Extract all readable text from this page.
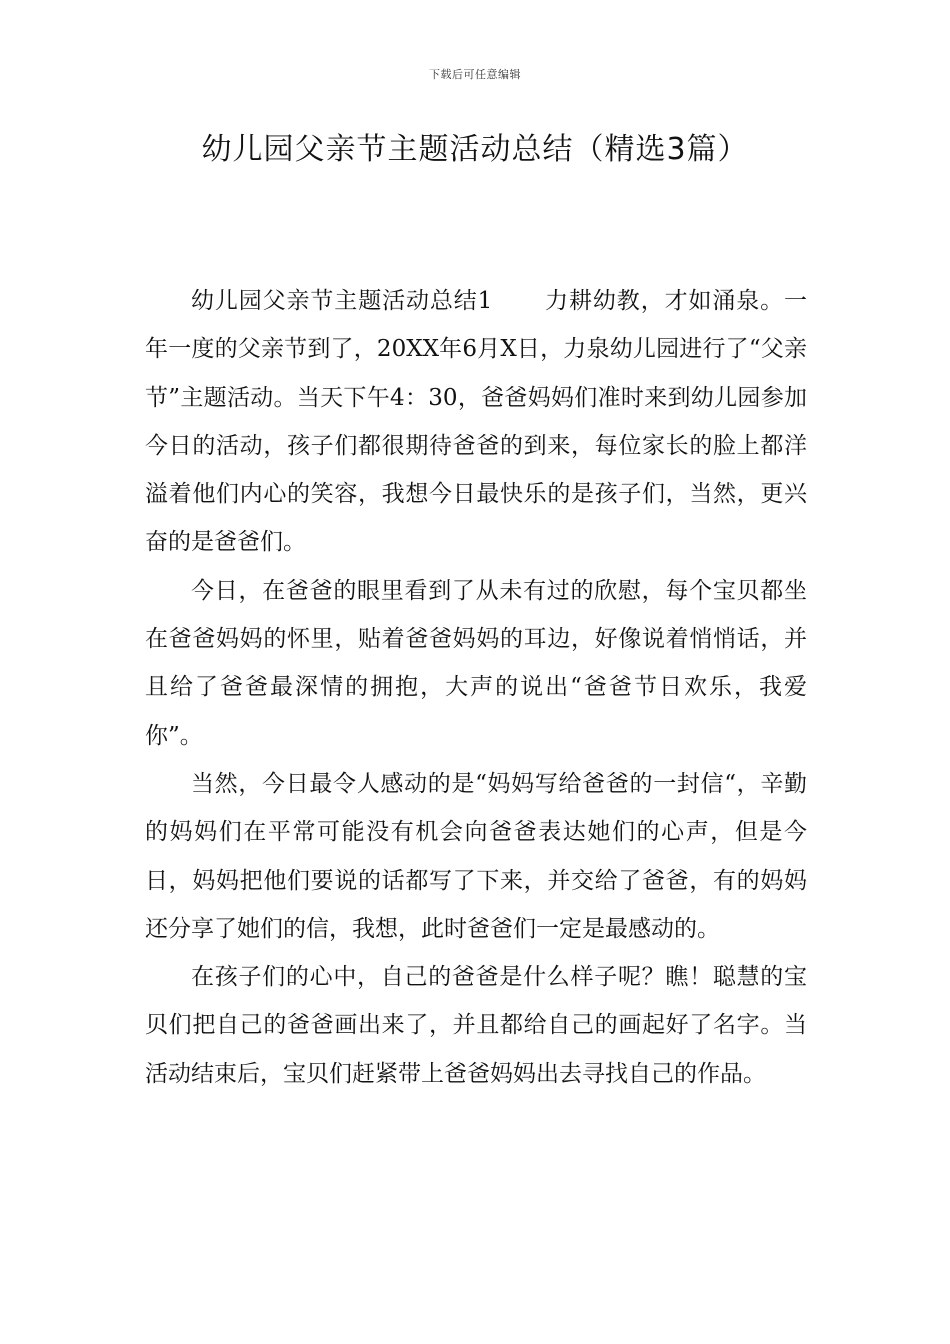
下载后可任意编辑
幼儿园父亲节主题活动总结（精选3篇）

幼儿园父亲节主题活动总结1 力耕幼教，才如涌泉。一年一度的父亲节到了，20XX年6月X日，力泉幼儿园进行了“父亲节”主题活动。当天下午4：30，爸爸妈妈们准时来到幼儿园参加今日的活动，孩子们都很期待爸爸的到来，每位家长的脸上都洋溢着他们内心的笑容，我想今日最快乐的是孩子们，当然，更兴奋的是爸爸们。

今日，在爸爸的眼里看到了从未有过的欣慰，每个宝贝都坐在爸爸妈妈的怀里，贴着爸爸妈妈的耳边，好像说着悄悄话，并且给了爸爸最深情的拥抱，大声的说出“爸爸节日欢乐，我爱你”。

当然，今日最令人感动的是“妈妈写给爸爸的一封信“，辛勤的妈妈们在平常可能没有机会向爸爸表达她们的心声，但是今日，妈妈把他们要说的话都写了下来，并交给了爸爸，有的妈妈还分享了她们的信，我想，此时爸爸们一定是最感动的。

在孩子们的心中，自己的爸爸是什么样子呢？瞧！聪慧的宝贝们把自己的爸爸画出来了，并且都给自己的画起好了名字。当活动结束后，宝贝们赶紧带上爸爸妈妈出去寻找自己的作品。
